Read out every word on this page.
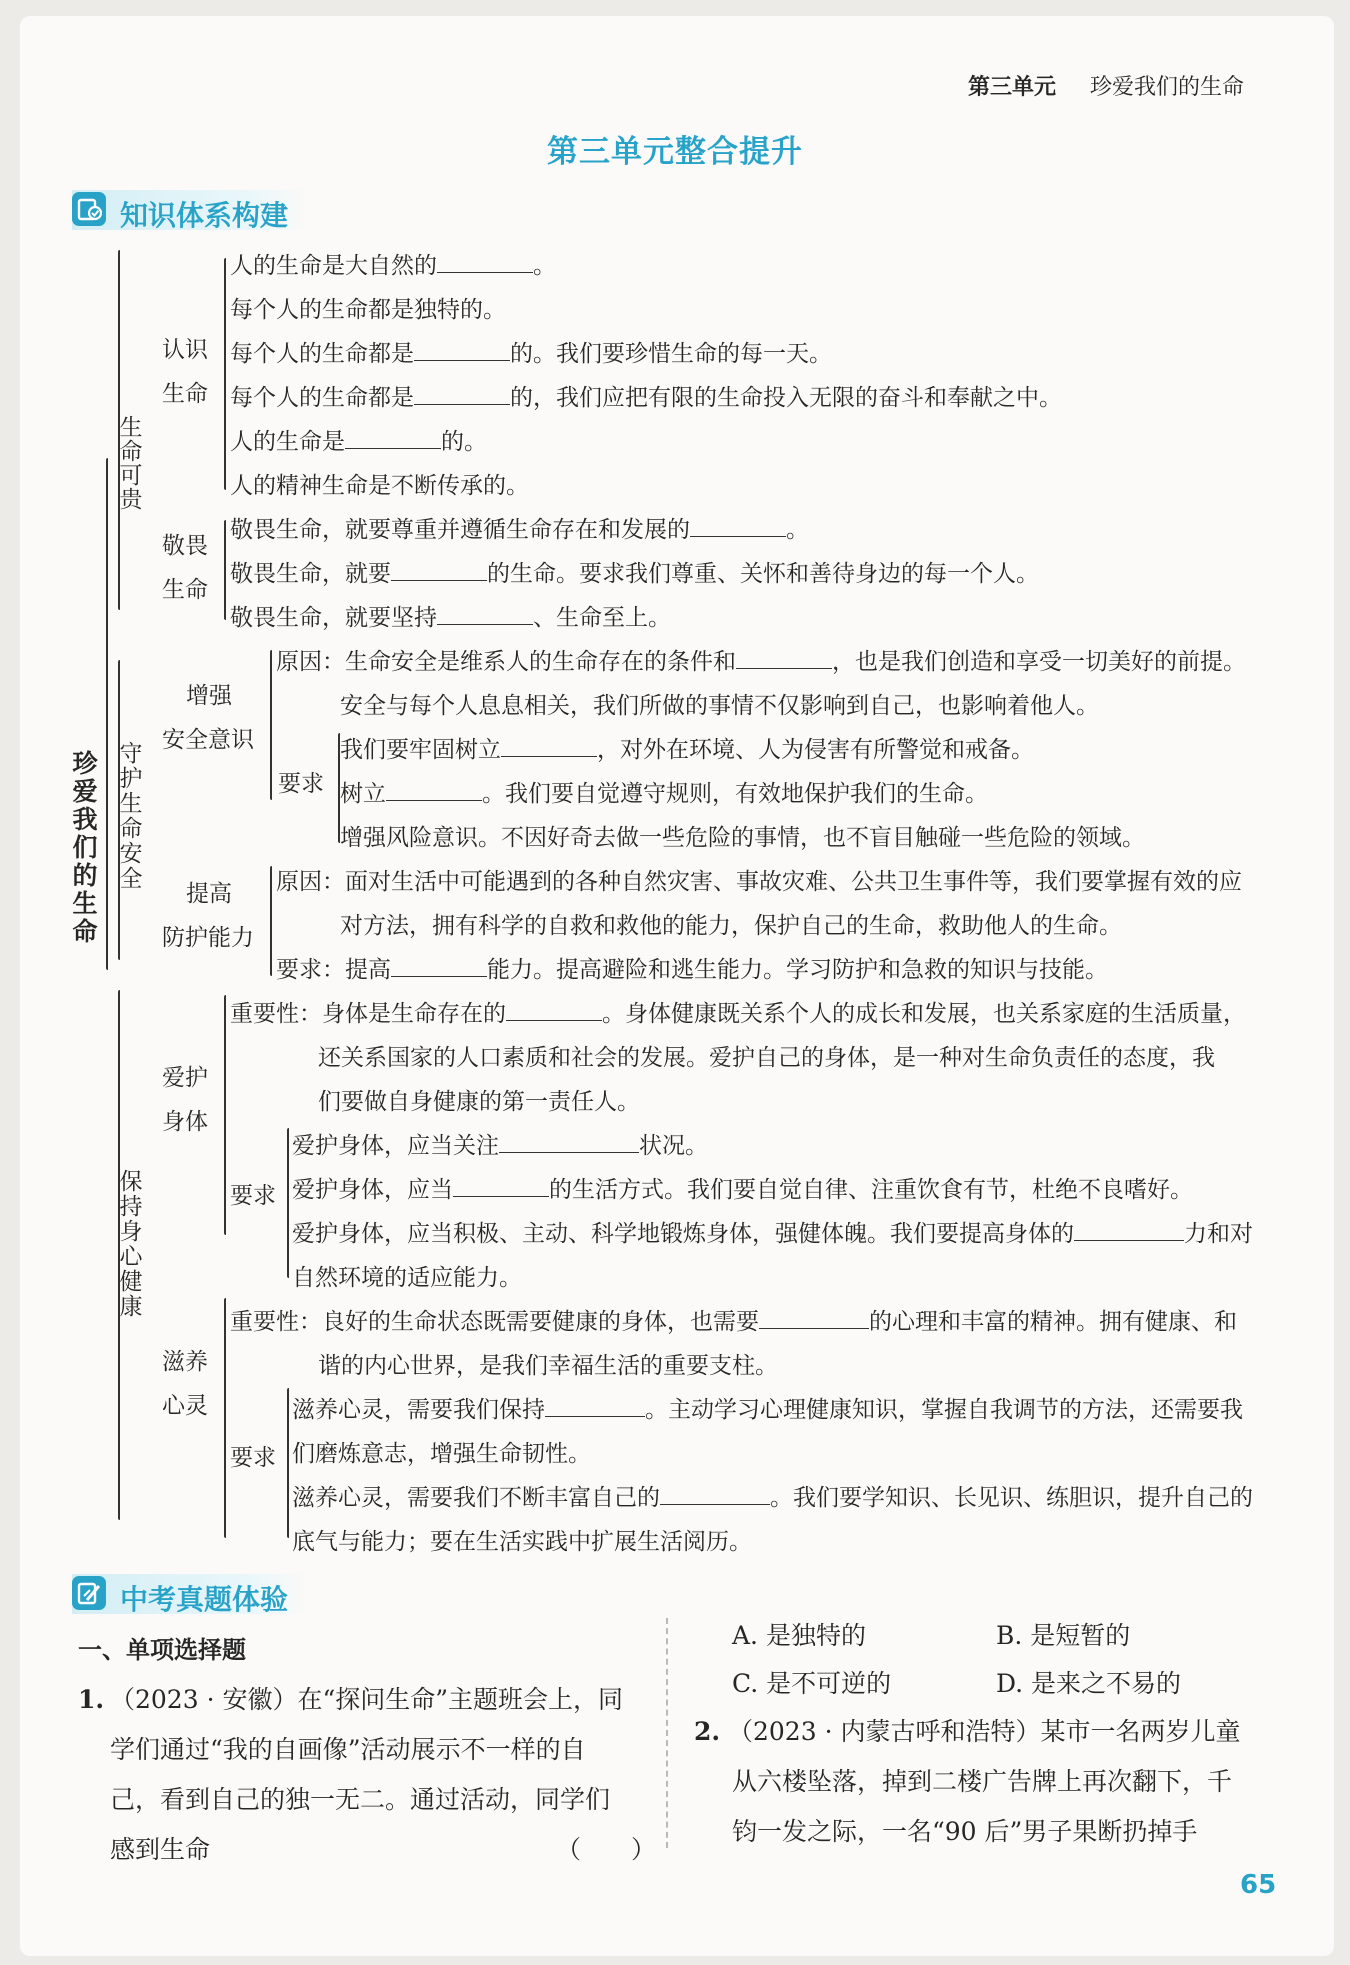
第三单元 珍爱我们的生命
第三单元整合提升
知识体系构建
珍
爱
我
们
的
生
命
生
命
可
贵
守
护
生
命
安
全
保
持
身
心
健
康
认识
生命
敬畏
生命
增强
安全意识
提高
防护能力
爱护
身体
滋养
心灵
要求
要求
要求
人的生命是大自然的	。
每个人的生命都是独特的。
每个人的生命都是	的。我们要珍惜生命的每一天。
每个人的生命都是	的，我们应把有限的生命投入无限的奋斗和奉献之中。
人的生命是	的。
人的精神生命是不断传承的。
敬畏生命，就要尊重并遵循生命存在和发展的	。
敬畏生命，就要	的生命。要求我们尊重、关怀和善待身边的每一个人。
敬畏生命，就要坚持	、生命至上。
原因：生命安全是维系人的生命存在的条件和	，也是我们创造和享受一切美好的前提。
安全与每个人息息相关，我们所做的事情不仅影响到自己，也影响着他人。
我们要牢固树立	，对外在环境、人为侵害有所警觉和戒备。
树立	。我们要自觉遵守规则，有效地保护我们的生命。
增强风险意识。不因好奇去做一些危险的事情，也不盲目触碰一些危险的领域。
原因：面对生活中可能遇到的各种自然灾害、事故灾难、公共卫生事件等，我们要掌握有效的应
对方法，拥有科学的自救和救他的能力，保护自己的生命，救助他人的生命。
要求：提高	能力。提高避险和逃生能力。学习防护和急救的知识与技能。
重要性：身体是生命存在的	。身体健康既关系个人的成长和发展，也关系家庭的生活质量，
还关系国家的人口素质和社会的发展。爱护自己的身体，是一种对生命负责任的态度，我
们要做自身健康的第一责任人。
爱护身体，应当关注	状况。
爱护身体，应当	的生活方式。我们要自觉自律、注重饮食有节，杜绝不良嗜好。
爱护身体，应当积极、主动、科学地锻炼身体，强健体魄。我们要提高身体的	力和对
自然环境的适应能力。
重要性：良好的生命状态既需要健康的身体，也需要	的心理和丰富的精神。拥有健康、和
谐的内心世界，是我们幸福生活的重要支柱。
滋养心灵，需要我们保持	。主动学习心理健康知识，掌握自我调节的方法，还需要我
们磨炼意志，增强生命韧性。
滋养心灵，需要我们不断丰富自己的	。我们要学知识、长见识、练胆识，提升自己的
底气与能力；要在生活实践中扩展生活阅历。
中考真题体验
一、单项选择题
1. （2023 · 安徽）在“探问生命”主题班会上，同
学们通过“我的自画像”活动展示不一样的自
己，看到自己的独一无二。通过活动，同学们
感到生命	（　　）
A. 是独特的	B. 是短暂的
C. 是不可逆的	D. 是来之不易的
2. （2023 · 内蒙古呼和浩特）某市一名两岁儿童
从六楼坠落，掉到二楼广告牌上再次翻下，千
钧一发之际，一名“90 后”男子果断扔掉手
65
